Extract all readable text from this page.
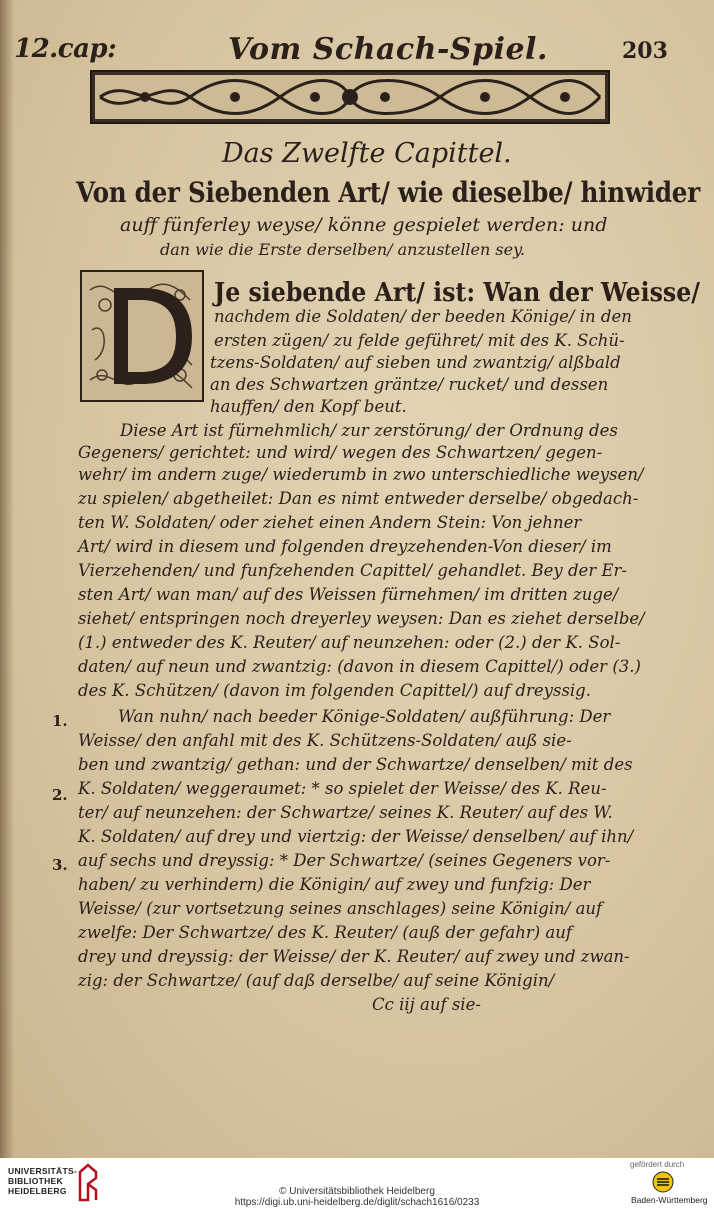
12.cap:	Vom Schach-Spiel.	203
Das Zwelfte Capittel.
Von der Siebenden Art/ wie dieselbe/ hinwider
auff fünferley weyse/ könne gespielet werden: und
dan wie die Erste derselben/ anzustellen sey.
Je siebende Art/ ist: Wan der Weisse/
nachdem die Soldaten/ der beeden Könige/ in den
ersten zügen/ zu felde geführet/ mit des K. Schü-
tzens-Soldaten/ auf sieben und zwantzig/ alßbald
an des Schwartzen gräntze/ rucket/ und dessen
hauffen/ den Kopf beut.
Diese Art ist fürnehmlich/ zur zerstörung/ der Ordnung des
Gegeners/ gerichtet: und wird/ wegen des Schwartzen/ gegen-
wehr/ im andern zuge/ wiederumb in zwo unterschiedliche weysen/
zu spielen/ abgetheilet: Dan es nimt entweder derselbe/ obgedach-
ten W. Soldaten/ oder ziehet einen Andern Stein: Von jehner
Art/ wird in diesem und folgenden dreyzehenden-Von dieser/ im
Vierzehenden/ und funfzehenden Capittel/ gehandlet. Bey der Er-
sten Art/ wan man/ auf des Weissen fürnehmen/ im dritten zuge/
siehet/ entspringen noch dreyerley weysen: Dan es ziehet derselbe/
(1.) entweder des K. Reuter/ auf neunzehen: oder (2.) der K. Sol-
daten/ auf neun und zwantzig: (davon in diesem Capittel/) oder (3.)
des K. Schützen/ (davon im folgenden Capittel/) auf dreyssig.
Wan nuhn/ nach beeder Könige-Soldaten/ außführung: Der
Weisse/ den anfahl mit des K. Schützens-Soldaten/ auß sie-
ben und zwantzig/ gethan: und der Schwartze/ denselben/ mit des
K. Soldaten/ weggeraumet: * so spielet der Weisse/ des K. Reu-
ter/ auf neunzehen: der Schwartze/ seines K. Reuter/ auf des W.
K. Soldaten/ auf drey und viertzig: der Weisse/ denselben/ auf ihn/
auf sechs und dreyssig: * Der Schwartze/ (seines Gegeners vor-
haben/ zu verhindern) die Königin/ auf zwey und funfzig: Der
Weisse/ (zur vortsetzung seines anschlages) seine Königin/ auf
zwelfe: Der Schwartze/ des K. Reuter/ (auß der gefahr) auf
drey und dreyssig: der Weisse/ der K. Reuter/ auf zwey und zwan-
zig: der Schwartze/ (auf daß derselbe/ auf seine Königin/
Cc iij auf sie-
1.
2.
3.
UNIVERSITÄTS-
BIBLIOTHEK
HEIDELBERG	© Universitätsbibliothek Heidelberg
https://digi.ub.uni-heidelberg.de/diglit/schach1616/0233
gefördert durch
Baden-Württemberg
